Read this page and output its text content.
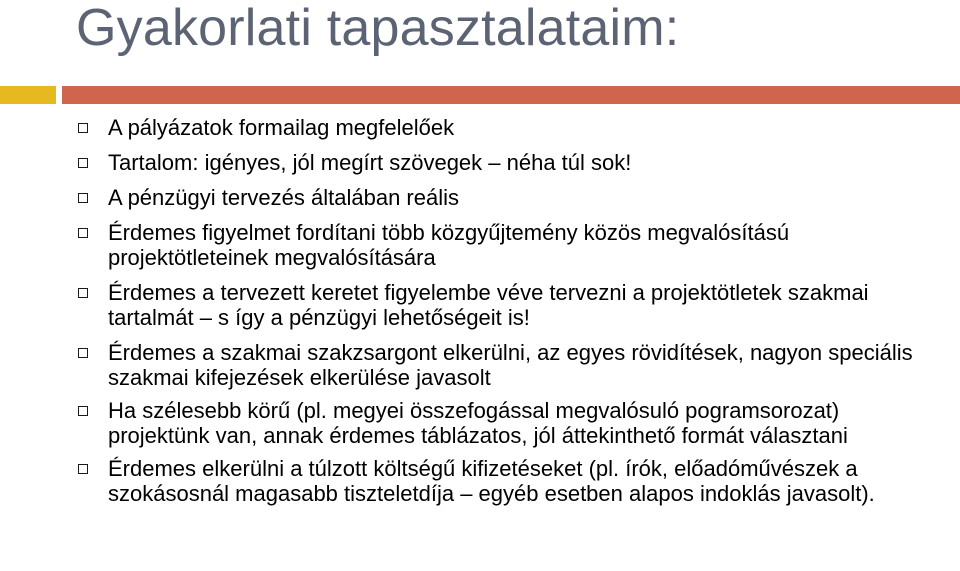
Gyakorlati tapasztalataim:
A pályázatok formailag megfelelőek
Tartalom: igényes, jól megírt szövegek – néha túl sok!
A pénzügyi tervezés általában reális
Érdemes figyelmet fordítani több közgyűjtemény közös megvalósítású projektötleteinek megvalósítására
Érdemes a tervezett keretet figyelembe véve tervezni a projektötletek szakmai tartalmát – s így a pénzügyi lehetőségeit is!
Érdemes a szakmai szakzsargont elkerülni, az egyes rövidítések, nagyon speciális szakmai kifejezések elkerülése javasolt
Ha szélesebb körű (pl. megyei összefogással megvalósuló pogramsorozat) projektünk van, annak érdemes táblázatos, jól áttekinthető formát választani
Érdemes elkerülni a túlzott költségű kifizetéseket (pl. írók, előadóművészek a szokásosnál magasabb tiszteletdíja – egyéb esetben alapos indoklás javasolt).
